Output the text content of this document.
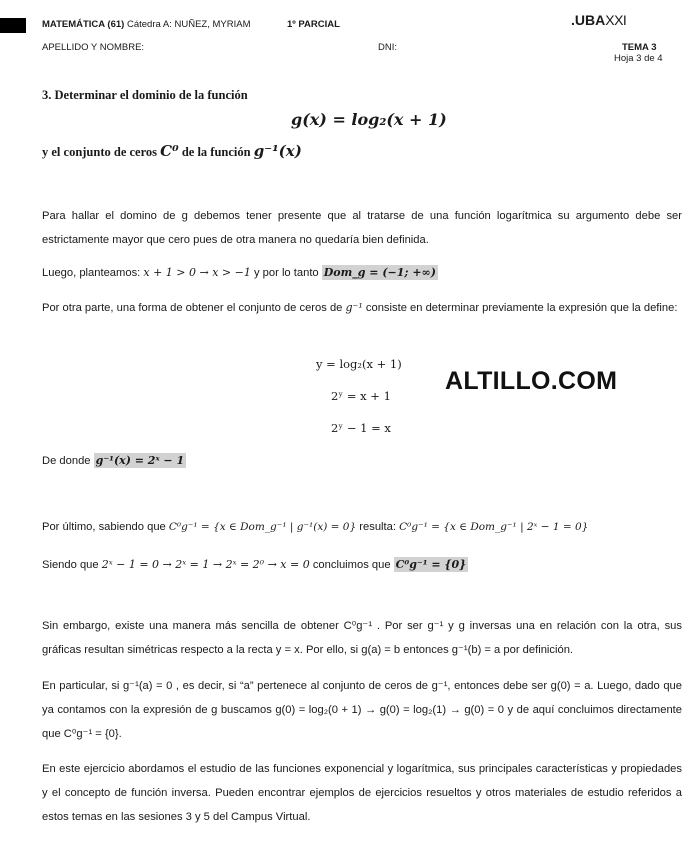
MATEMÁTICA (61) Cátedra A: NUÑEZ, MYRIAM	1º PARCIAL	.UBAXXI
APELLIDO Y NOMBRE:	DNI:	TEMA 3
Hoja 3 de 4
3. Determinar el dominio de la función
g(x) = log₂(x + 1)
y el conjunto de ceros C⁰ de la función g⁻¹(x)
Para hallar el domino de g debemos tener presente que al tratarse de una función logarítmica su argumento debe ser estrictamente mayor que cero pues de otra manera no quedaría bien definida.
Luego, planteamos: x + 1 > 0 → x > −1 y por lo tanto Dom_g = (−1; +∞)
Por otra parte, una forma de obtener el conjunto de ceros de g⁻¹ consiste en determinar previamente la expresión que la define:
y = log₂(x + 1)
2ʸ = x + 1
2ʸ − 1 = x
ALTILLO.COM
De donde g⁻¹(x) = 2ˣ − 1
Por último, sabiendo que C⁰g⁻¹ = {x ∈ Dom_g⁻¹ | g⁻¹(x) = 0} resulta: C⁰g⁻¹ = {x ∈ Dom_g⁻¹ | 2ˣ − 1 = 0}
Siendo que 2ˣ − 1 = 0 → 2ˣ = 1 → 2ˣ = 2⁰ → x = 0 concluimos que C⁰g⁻¹ = {0}
Sin embargo, existe una manera más sencilla de obtener C⁰g⁻¹ . Por ser g⁻¹ y g inversas una en relación con la otra, sus gráficas resultan simétricas respecto a la recta y = x. Por ello, si g(a) = b entonces g⁻¹(b) = a por definición.
En particular, si g⁻¹(a) = 0 , es decir, si “a” pertenece al conjunto de ceros de g⁻¹, entonces debe ser g(0) = a. Luego, dado que ya contamos con la expresión de g buscamos g(0) = log₂(0 + 1) → g(0) = log₂(1) → g(0) = 0 y de aquí concluimos directamente que C⁰g⁻¹ = {0}.
En este ejercicio abordamos el estudio de las funciones exponencial y logarítmica, sus principales características y propiedades y el concepto de función inversa. Pueden encontrar ejemplos de ejercicios resueltos y otros materiales de estudio referidos a estos temas en las sesiones 3 y 5 del Campus Virtual.
